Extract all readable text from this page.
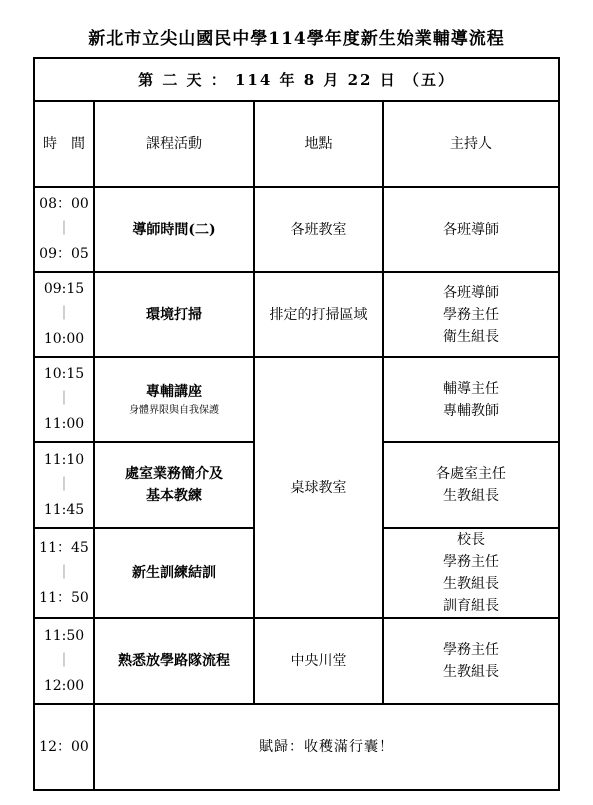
新北市立尖山國民中學114學年度新生始業輔導流程
第 二 天 ： 114 年 8 月 22 日 （五）			
時　間	課程活動	地點	主持人

08：00
｜
09：05	導師時間(二)	各班教室	各班導師

09:15
｜
10:00	環境打掃	排定的打掃區域	各班導師
學務主任
衛生組長

10:15
｜
11:00	專輔講座
身體界限與自我保護	桌球教室	輔導主任
專輔教師

11:10
｜
11:45	處室業務簡介及
基本教練		各處室主任
生教組長

11：45
｜
11：50	新生訓練結訓		校長
學務主任
生教組長
訓育組長

11:50
｜
12:00	熟悉放學路隊流程	中央川堂	學務主任
生教組長

12：00	賦歸：收穫滿行囊！		
